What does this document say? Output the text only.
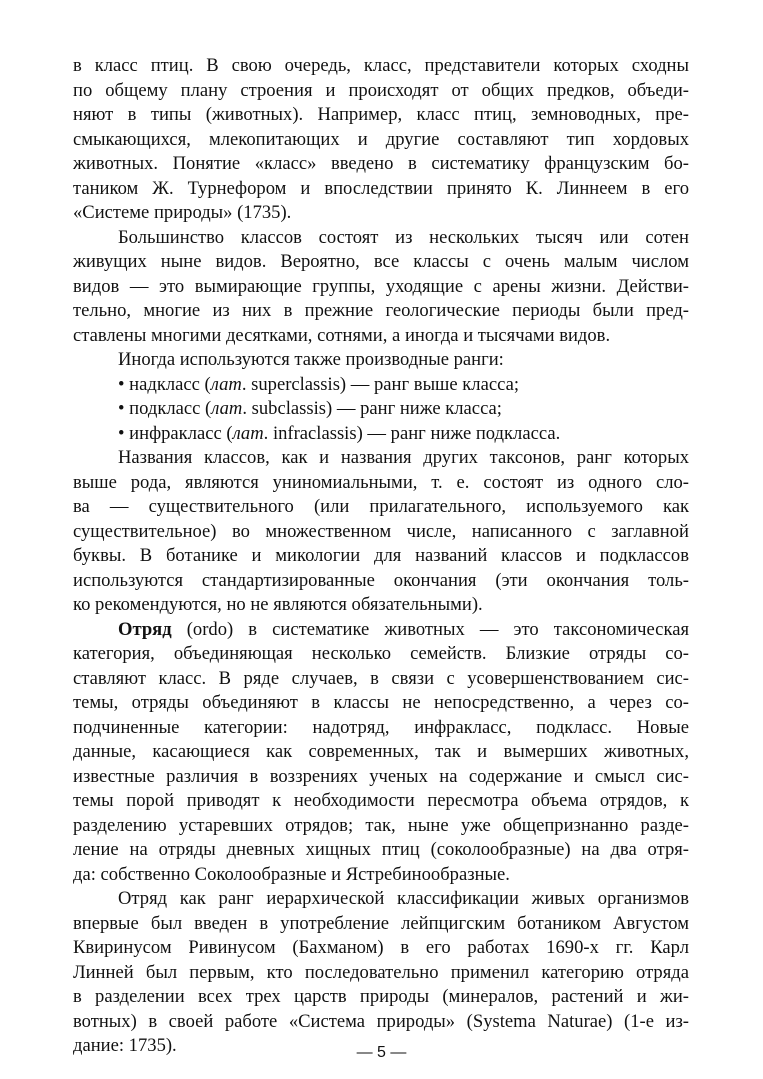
в класс птиц. В свою очередь, класс, представители которых сходны
по общему плану строения и происходят от общих предков, объеди-
няют в типы (животных). Например, класс птиц, земноводных, пре-
смыкающихся, млекопитающих и другие составляют тип хордовых
животных. Понятие «класс» введено в систематику французским бо-
таником Ж. Турнефором и впоследствии принято К. Линнеем в его
«Системе природы» (1735).
Большинство классов состоят из нескольких тысяч или сотен
живущих ныне видов. Вероятно, все классы с очень малым числом
видов — это вымирающие группы, уходящие с арены жизни. Действи-
тельно, многие из них в прежние геологические периоды были пред-
ставлены многими десятками, сотнями, а иногда и тысячами видов.
Иногда используются также производные ранги:
• надкласс (лат. superclassis) — ранг выше класса;
• подкласс (лат. subclassis) — ранг ниже класса;
• инфракласс (лат. infraclassis) — ранг ниже подкласса.
Названия классов, как и названия других таксонов, ранг которых
выше рода, являются униномиальными, т. е. состоят из одного сло-
ва — существительного (или прилагательного, используемого как
существительное) во множественном числе, написанного с заглавной
буквы. В ботанике и микологии для названий классов и подклассов
используются стандартизированные окончания (эти окончания толь-
ко рекомендуются, но не являются обязательными).
Отряд (ordo) в систематике животных — это таксономическая
категория, объединяющая несколько семейств. Близкие отряды со-
ставляют класс. В ряде случаев, в связи с усовершенствованием сис-
темы, отряды объединяют в классы не непосредственно, а через со-
подчиненные категории: надотряд, инфракласс, подкласс. Новые
данные, касающиеся как современных, так и вымерших животных,
известные различия в воззрениях ученых на содержание и смысл сис-
темы порой приводят к необходимости пересмотра объема отрядов, к
разделению устаревших отрядов; так, ныне уже общепризнанно разде-
ление на отряды дневных хищных птиц (соколообразные) на два отря-
да: собственно Соколообразные и Ястребинообразные.
Отряд как ранг иерархической классификации живых организмов
впервые был введен в употребление лейпцигским ботаником Августом
Квиринусом Ривинусом (Бахманом) в его работах 1690-х гг. Карл
Линней был первым, кто последовательно применил категорию отряда
в разделении всех трех царств природы (минералов, растений и жи-
вотных) в своей работе «Система природы» (Systema Naturae) (1-е из-
дание: 1735).	— 5 —
